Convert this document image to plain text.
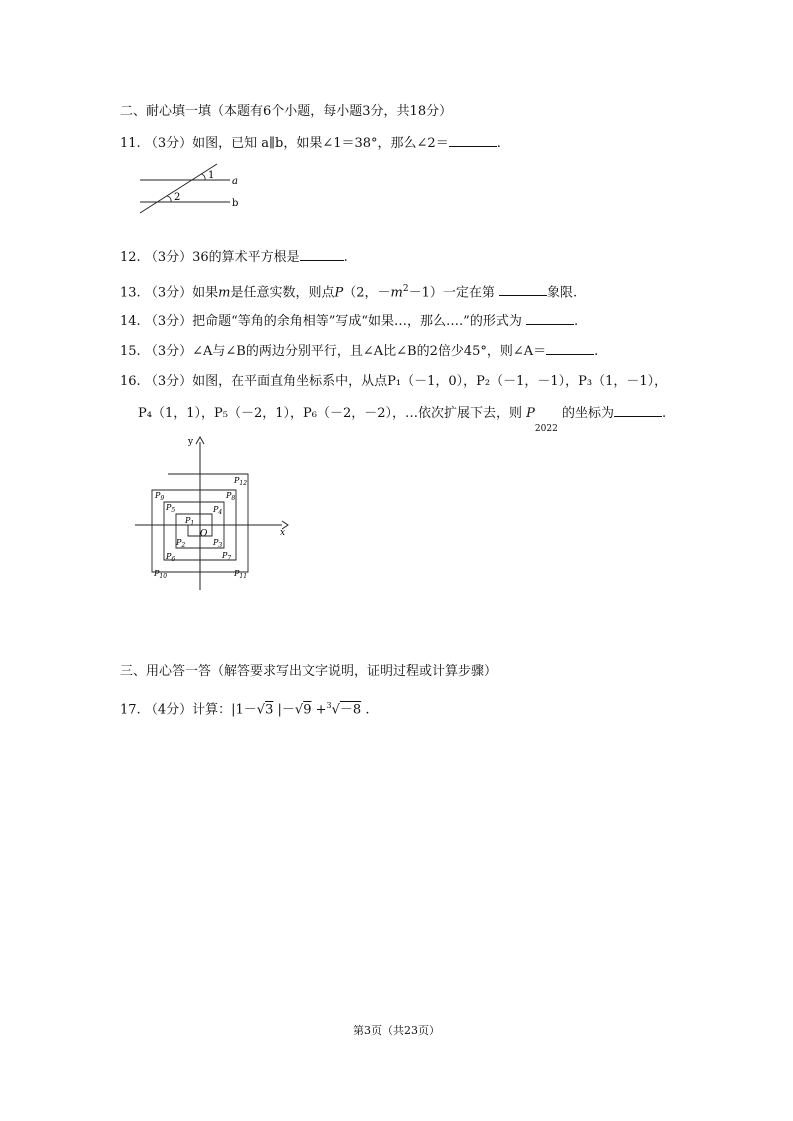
二、耐心填一填（本题有6个小题，每小题3分，共18分）
11. （3分）如图，已知 a∥b，如果∠1＝38°，那么∠2＝	.
1
2
a
b
12. （3分）36的算术平方根是	.
13. （3分）如果m是任意实数，则点P（2，$-m^2-1$）一定在第	象限.
14. （3分）把命题“等角的余角相等”写成“如果…，那么….”的形式为	.
15. （3分）∠A与∠B的两边分别平行，且∠A比∠B的2倍少45°，则∠A＝	.
16. （3分）如图，在平面直角坐标系中，从点P₁（－1，0），P₂（－1，－1），P₃（1，－1），
P₄（1，1），P₅（－2，1），P₆（－2，－2），…依次扩展下去，则 $P_{2022}$ 的坐标为	.
x
y
O
$P_1$
$P_2$	$P_3$
$P_4$
$P_5$
$P_6$	$P_7$
$P_8$
$P_9$
$P_{10}$	$P_{11}$
$P_{12}$
三、用心答一答（解答要求写出文字说明，证明过程或计算步骤）
17. （4分）计算：|1－√3 |－√9 +$^3$√－8 .
第3页（共23页）
